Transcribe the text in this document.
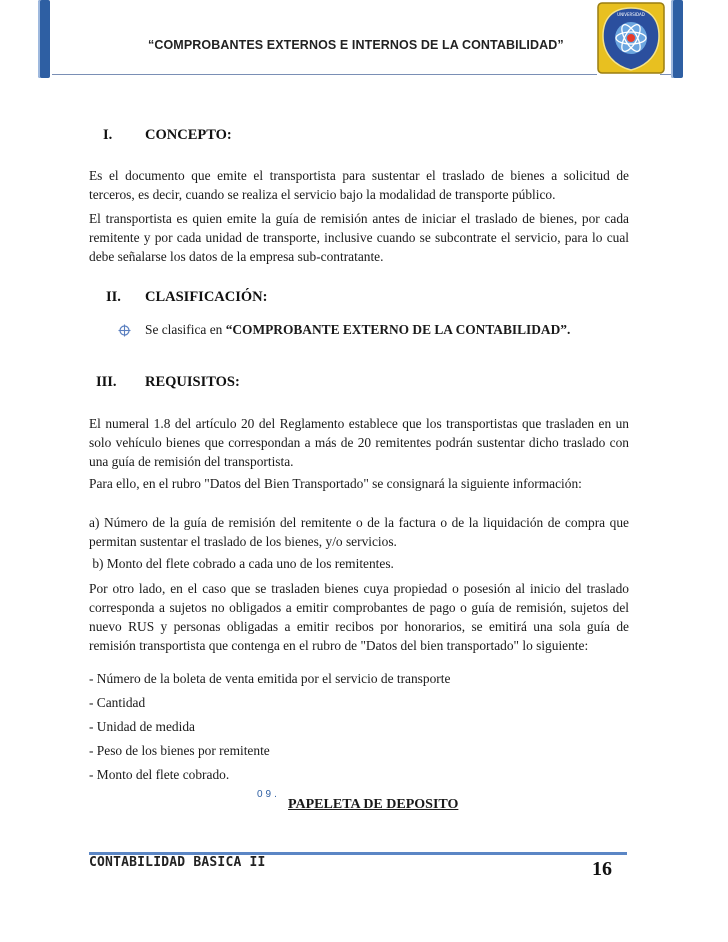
“COMPROBANTES EXTERNOS E INTERNOS DE LA CONTABILIDAD”
UNIVERSIDAD
I. CONCEPTO:

Es el documento que emite el transportista para sustentar el traslado de bienes a solicitud de terceros, es decir, cuando se realiza el servicio bajo la modalidad de transporte público.

El transportista es quien emite la guía de remisión antes de iniciar el traslado de bienes, por cada remitente y por cada unidad de transporte, inclusive cuando se subcontrate el servicio, para lo cual debe señalarse los datos de la empresa sub-contratante.

II. CLASIFICACIÓN:
Se clasifica en “COMPROBANTE EXTERNO DE LA CONTABILIDAD”.
III. REQUISITOS:

El numeral 1.8 del artículo 20 del Reglamento establece que los transportistas que trasladen en un solo vehículo bienes que correspondan a más de 20 remitentes podrán sustentar dicho traslado con una guía de remisión del transportista.

Para ello, en el rubro "Datos del Bien Transportado" se consignará la siguiente información:

a) Número de la guía de remisión del remitente o de la factura o de la liquidación de compra que permitan sustentar el traslado de los bienes, y/o servicios.

b) Monto del flete cobrado a cada uno de los remitentes.

Por otro lado, en el caso que se trasladen bienes cuya propiedad o posesión al inicio del traslado corresponda a sujetos no obligados a emitir comprobantes de pago o guía de remisión, sujetos del nuevo RUS y personas obligadas a emitir recibos por honorarios, se emitirá una sola guía de remisión transportista que contenga en el rubro de "Datos del bien transportado" lo siguiente:

- Número de la boleta de venta emitida por el servicio de transporte
- Cantidad
- Unidad de medida
- Peso de los bienes por remitente
- Monto del flete cobrado.
09.
PAPELETA DE DEPOSITO
CONTABILIDAD BASICA II	16
